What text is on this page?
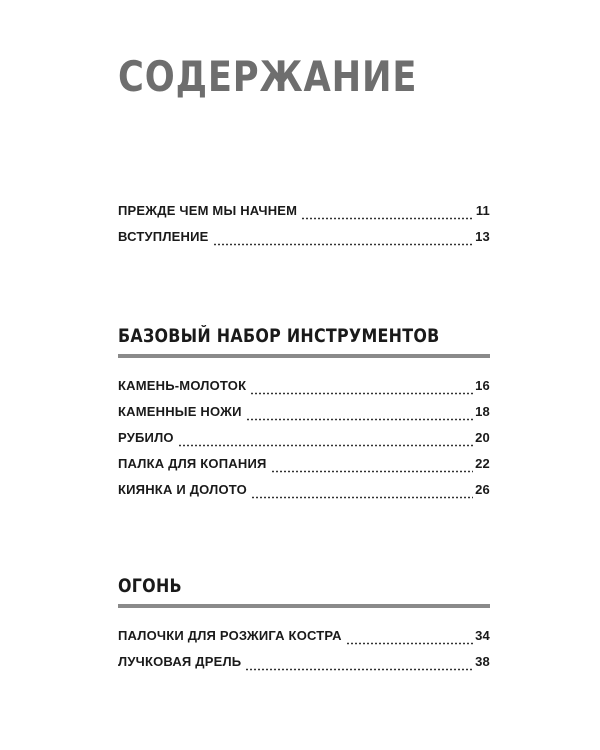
СОДЕРЖАНИЕ
ПРЕЖДЕ ЧЕМ МЫ НАЧНЕМ	11
ВСТУПЛЕНИЕ	13
БАЗОВЫЙ НАБОР ИНСТРУМЕНТОВ
КАМЕНЬ-МОЛОТОК	16
КАМЕННЫЕ НОЖИ	18
РУБИЛО	20
ПАЛКА ДЛЯ КОПАНИЯ	22
КИЯНКА И ДОЛОТО	26
ОГОНЬ
ПАЛОЧКИ ДЛЯ РОЗЖИГА КОСТРА	34
ЛУЧКОВАЯ ДРЕЛЬ	38
